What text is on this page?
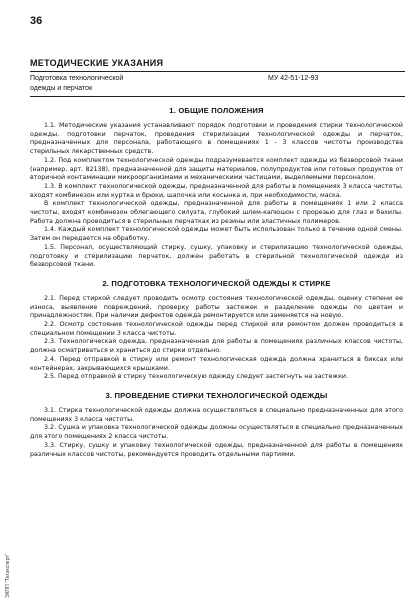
36
МЕТОДИЧЕСКИЕ УКАЗАНИЯ
Подготовка технологической
одежды и перчаток
МУ 42-51-12-93
1. ОБЩИЕ ПОЛОЖЕНИЯ

1.1. Методические указания устанавливают порядок подготовки и проведения стирки технологической одежды, подготовки перчаток, проведения стерилизации технологической одежды и перчаток, предназначенных для персонала, работающего в помещениях 1 - 3 классов чистоты производства стерильных лекарственных средств.

1.2. Под комплектом технологической одежды подразумевается комплект одежды из безворсовой ткани (например, арт. 82138), предназначенной для защиты материалов, полупродуктов или готовых продуктов от вторичной контаминации микроорганизмами и механическими частицами, выделяемыми персоналом.

1.3. В комплект технологической одежды, предназначенной для работы в помещениях 3 класса чистоты, входят комбинезон или куртка и брюки, шапочка или косынка и, при необходимости, маска.

В комплект технологической одежды, предназначенной для работы в помещениях 1 или 2 класса чистоты, входят комбинезон облегающего силуэта, глубокий шлем-капюшон с прорезью для глаз и бахилы. Работа должна проводиться в стерильных перчатках из резины или эластичных полимеров.

1.4. Каждый комплект технологической одежды может быть использован только в течение одной смены. Затем он передается на обработку.

1.5. Персонал, осуществляющий стирку, сушку, упаковку и стерилизацию технологической одежды, подготовку и стерилизацию перчаток, должен работать в стерильной технологической одежде из безворсовой ткани.

2. ПОДГОТОВКА ТЕХНОЛОГИЧЕСКОЙ ОДЕЖДЫ К СТИРКЕ

2.1. Перед стиркой следует проводить осмотр состояния технологической одежды, оценку степени ее износа, выявление повреждений, проверку работы застежек и разделение одежды по цветам и принадлежностям. При наличии дефектов одежда ремонтируется или заменяется на новую.

2.2. Осмотр состояния технологической одежды перед стиркой или ремонтом должен проводиться в специальном помещении 3 класса чистоты.

2.3. Технологическая одежда, предназначенная для работы в помещениях различных классов чистоты, должна осматриваться и храниться до стирки отдельно.

2.4. Перед отправкой в стирку или ремонт технологическая одежда должна храниться в биксах или контейнерах, закрывающихся крышками.

2.5. Перед отправкой в стирку технологическую одежду следует застегнуть на застежки.

3. ПРОВЕДЕНИЕ СТИРКИ ТЕХНОЛОГИЧЕСКОЙ ОДЕЖДЫ

3.1. Стирка технологической одежды должна осуществляться в специально предназначенных для этого помещениях 3 класса чистоты.

3.2. Сушка и упаковка технологической одежды должны осуществляться в специально предназначенных для этого помещениях 2 класса чистоты.

3.3. Стирку, сушку и упаковку технологической одежды, предназначенной для работы в помещениях различных классов чистоты, рекомендуется проводить отдельными партиями.

ЭКПП "Техэксперт"
